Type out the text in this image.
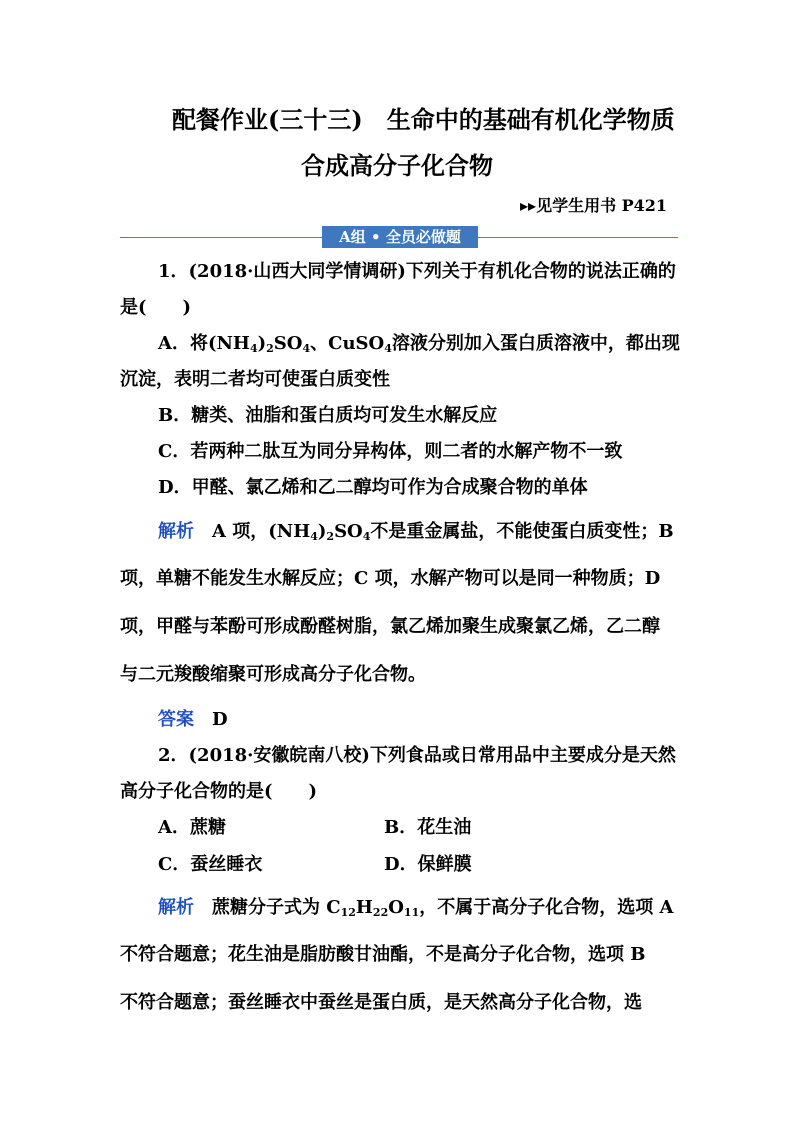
配餐作业(三十三)　生命中的基础有机化学物质
合成高分子化合物
▸▸见学生用书 P421
A组 • 全员必做题
1．(2018·山西大同学情调研)下列关于有机化合物的说法正确的
是(　　)
A．将$(NH_4)_2SO_4$、CuSO$_4$溶液分别加入蛋白质溶液中，都出现
沉淀，表明二者均可使蛋白质变性
B．糖类、油脂和蛋白质均可发生水解反应
C．若两种二肽互为同分异构体，则二者的水解产物不一致
D．甲醛、氯乙烯和乙二醇均可作为合成聚合物的单体
解析　 A 项，$(NH_4)_2SO_4$不是重金属盐，不能使蛋白质变性；B
项，单糖不能发生水解反应；C 项，水解产物可以是同一种物质；D
项，甲醛与苯酚可形成酚醛树脂，氯乙烯加聚生成聚氯乙烯，乙二醇
与二元羧酸缩聚可形成高分子化合物。
答案　 D
2．(2018·安徽皖南八校)下列食品或日常用品中主要成分是天然
高分子化合物的是(　　)
A．蔗糖	B．花生油
C．蚕丝睡衣	D．保鲜膜
解析　 蔗糖分子式为 $C_{12}H_{22}O_{11}$，不属于高分子化合物，选项 A
不符合题意；花生油是脂肪酸甘油酯，不是高分子化合物，选项 B
不符合题意；蚕丝睡衣中蚕丝是蛋白质，是天然高分子化合物，选
